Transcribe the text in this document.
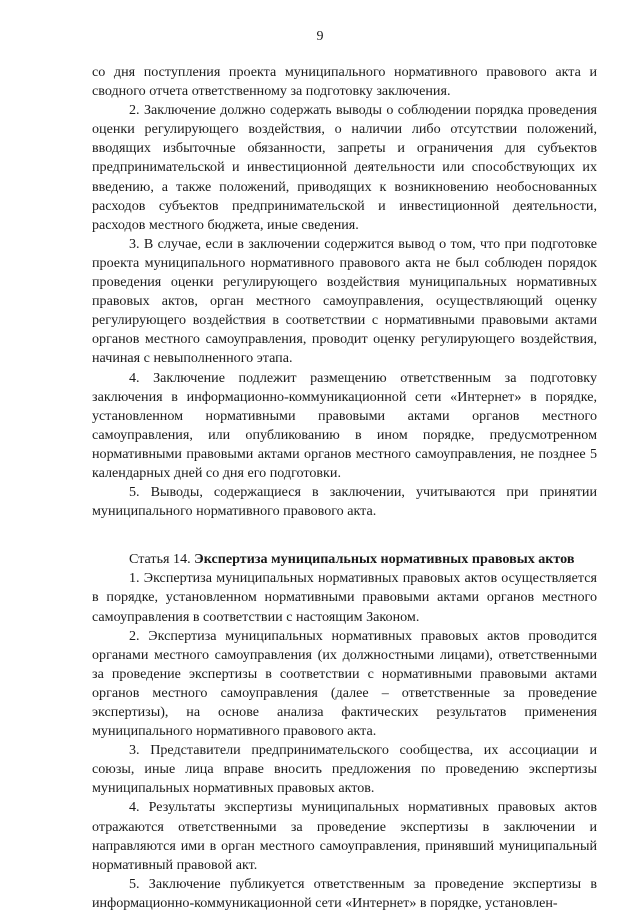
9

со дня поступления проекта муниципального нормативного правового акта и сводного отчета ответственному за подготовку заключения.

2. Заключение должно содержать выводы о соблюдении порядка проведения оценки регулирующего воздействия, о наличии либо отсутствии положений, вводящих избыточные обязанности, запреты и ограничения для субъектов предпринимательской и инвестиционной деятельности или способствующих их введению, а также положений, приводящих к возникновению необоснованных расходов субъектов предпринимательской и инвестиционной деятельности, расходов местного бюджета, иные сведения.

3. В случае, если в заключении содержится вывод о том, что при подготовке проекта муниципального нормативного правового акта не был соблюден порядок проведения оценки регулирующего воздействия муниципальных нормативных правовых актов, орган местного самоуправления, осуществляющий оценку регулирующего воздействия в соответствии с нормативными правовыми актами органов местного самоуправления, проводит оценку регулирующего воздействия, начиная с невыполненного этапа.

4. Заключение подлежит размещению ответственным за подготовку заключения в информационно-коммуникационной сети «Интернет» в порядке, установленном нормативными правовыми актами органов местного самоуправления, или опубликованию в ином порядке, предусмотренном нормативными правовыми актами органов местного самоуправления, не позднее 5 календарных дней со дня его подготовки.

5. Выводы, содержащиеся в заключении, учитываются при принятии муниципального нормативного правового акта.

Статья 14. Экспертиза муниципальных нормативных правовых актов

1. Экспертиза муниципальных нормативных правовых актов осуществляется в порядке, установленном нормативными правовыми актами органов местного самоуправления в соответствии с настоящим Законом.

2. Экспертиза муниципальных нормативных правовых актов проводится органами местного самоуправления (их должностными лицами), ответственными за проведение экспертизы в соответствии с нормативными правовыми актами органов местного самоуправления (далее – ответственные за проведение экспертизы), на основе анализа фактических результатов применения муниципального нормативного правового акта.

3. Представители предпринимательского сообщества, их ассоциации и союзы, иные лица вправе вносить предложения по проведению экспертизы муниципальных нормативных правовых актов.

4. Результаты экспертизы муниципальных нормативных правовых актов отражаются ответственными за проведение экспертизы в заключении и направляются ими в орган местного самоуправления, принявший муниципальный нормативный правовой акт.

5. Заключение публикуется ответственным за проведение экспертизы в информационно-коммуникационной сети «Интернет» в порядке, установлен-
